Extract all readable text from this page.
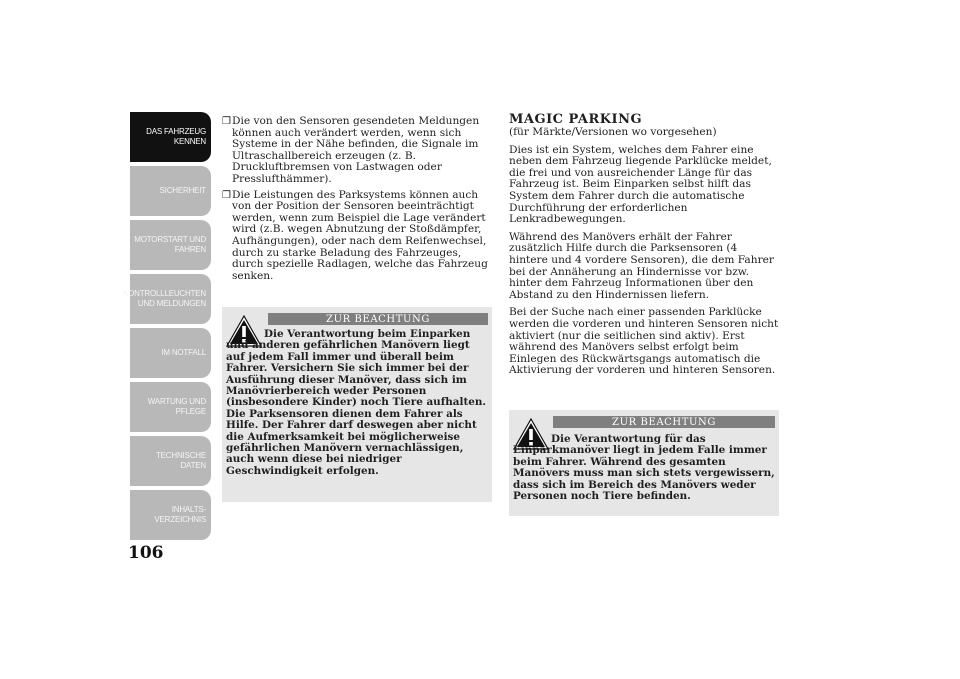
DAS FAHRZEUG KENNEN
SICHERHEIT
MOTORSTART UND FAHREN
KONTROLLLEUCHTEN UND MELDUNGEN
IM NOTFALL
WARTUNG UND PFLEGE
TECHNISCHE DATEN
INHALTS-VERZEICHNIS
106
❒ Die von den Sensoren gesendeten Meldungen können auch verändert werden, wenn sich Systeme in der Nähe befinden, die Signale im Ultraschallbereich erzeugen (z. B. Druckluftbremsen von Lastwagen oder Presslufthämmer).
❒ Die Leistungen des Parksystems können auch von der Position der Sensoren beeinträchtigt werden, wenn zum Beispiel die Lage verändert wird (z.B. wegen Abnutzung der Stoßdämpfer, Aufhängungen), oder nach dem Reifenwechsel, durch zu starke Beladung des Fahrzeuges, durch spezielle Radlagen, welche das Fahrzeug senken.
ZUR BEACHTUNG
Die Verantwortung beim Einparken und anderen gefährlichen Manövern liegt auf jedem Fall immer und überall beim Fahrer. Versichern Sie sich immer bei der Ausführung dieser Manöver, dass sich im Manövrierbereich weder Personen (insbesondere Kinder) noch Tiere aufhalten. Die Parksensoren dienen dem Fahrer als Hilfe. Der Fahrer darf deswegen aber nicht die Aufmerksamkeit bei möglicherweise gefährlichen Manövern vernachlässigen, auch wenn diese bei niedriger Geschwindigkeit erfolgen.
MAGIC PARKING
(für Märkte/Versionen wo vorgesehen)
Dies ist ein System, welches dem Fahrer eine neben dem Fahrzeug liegende Parklücke meldet, die frei und von ausreichender Länge für das Fahrzeug ist. Beim Einparken selbst hilft das System dem Fahrer durch die automatische Durchführung der erforderlichen Lenkradbewegungen.
Während des Manövers erhält der Fahrer zusätzlich Hilfe durch die Parksensoren (4 hintere und 4 vordere Sensoren), die dem Fahrer bei der Annäherung an Hindernisse vor bzw. hinter dem Fahrzeug Informationen über den Abstand zu den Hindernissen liefern.
Bei der Suche nach einer passenden Parklücke werden die vorderen und hinteren Sensoren nicht aktiviert (nur die seitlichen sind aktiv). Erst während des Manövers selbst erfolgt beim Einlegen des Rückwärtsgangs automatisch die Aktivierung der vorderen und hinteren Sensoren.
ZUR BEACHTUNG
Die Verantwortung für das Einparkmanöver liegt in jedem Falle immer beim Fahrer. Während des gesamten Manövers muss man sich stets vergewissern, dass sich im Bereich des Manövers weder Personen noch Tiere befinden.
